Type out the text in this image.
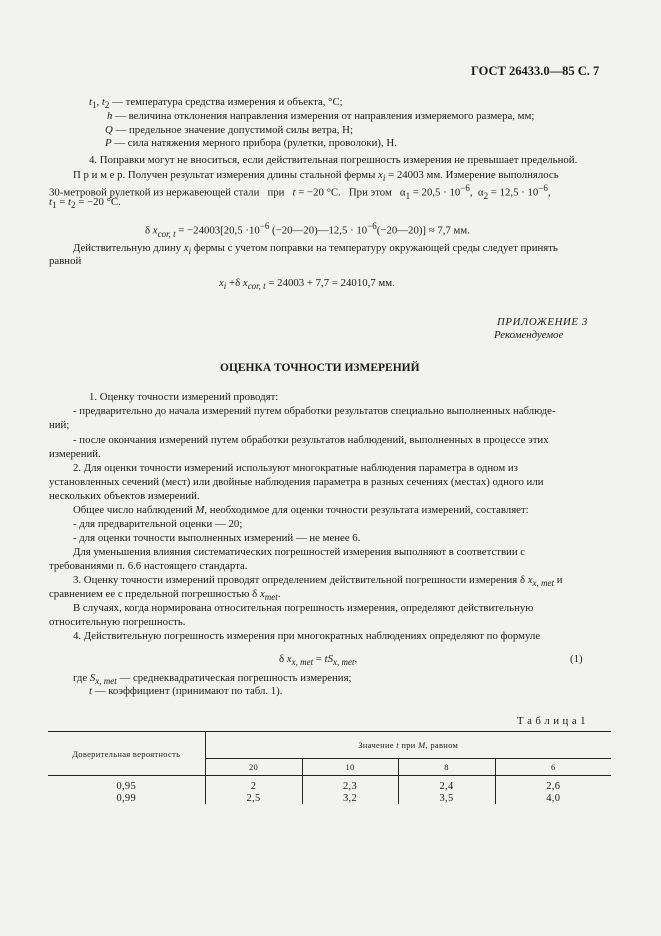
ГОСТ 26433.0—85 С. 7
$t_1$, $t_2$ — температура средства измерения и объекта, °С;
h — величина отклонения направления измерения от направления измеряемого размера, мм;
Q — предельное значение допустимой силы ветра, Н;
P — сила натяжения мерного прибора (рулетки, проволоки), Н.
4. Поправки могут не вноситься, если действительная погрешность измерения не превышает предельной.
П р и м е р. Получен результат измерения длины стальной фермы $x_i = 24003$ мм. Измерение выполнялось
30-метровой рулеткой из нержавеющей стали   при   t = −20 °С.   При этом   $\alpha_1 = 20,5 \cdot 10^{-6}$,  $\alpha_2 = 12,5 \cdot 10^{-6}$,
$t_1 = t_2 = -20$ °С.
δ $x_{cor, t} = -24003[20,5 \cdot 10^{-6}$ (−20—20)—12,5 · $10^{-6}(-20—20)] \approx 7,7$ мм.
Действительную длину $x_i$ фермы с учетом поправки на температуру окружающей среды следует принять
равной
$x_i +\delta$ $x_{cor, t} = 24003 + 7,7 = 24010,7$ мм.
ПРИЛОЖЕНИЕ 3
Рекомендуемое
ОЦЕНКА ТОЧНОСТИ ИЗМЕРЕНИЙ
1. Оценку точности измерений проводят:
- предварительно до начала измерений путем обработки результатов специально выполненных наблюде-
ний;
- после окончания измерений путем обработки результатов наблюдений, выполненных в процессе этих
измерений.
2. Для оценки точности измерений используют многократные наблюдения параметра в одном из
установленных сечений (мест) или двойные наблюдения параметра в разных сечениях (местах) одного или
нескольких объектов измерений.
Общее число наблюдений M, необходимое для оценки точности результата измерений, составляет:
- для предварительной оценки — 20;
- для оценки точности выполненных измерений — не менее 6.
Для уменьшения влияния систематических погрешностей измерения выполняют в соответствии с
требованиями п. 6.6 настоящего стандарта.
3. Оценку точности измерений проводят определением действительной погрешности измерения δ $x_{x, met}$ и
сравнением ее с предельной погрешностью δ $x_{met}$.
В случаях, когда нормирована относительная погрешность измерения, определяют действительную
относительную погрешность.
4. Действительную погрешность измерения при многократных наблюдениях определяют по формуле
δ $x_{x, met} = tS_{x, met}$,	(1)
где $S_{x, met}$ — среднеквадратическая погрешность измерения;
t — коэффициент (принимают по табл. 1).
Т а б л и ц а 1
Доверительная вероятность	Значение t при M, равном			
	20	10	8	6
0,95	2	2,3	2,4	2,6
0,99	2,5	3,2	3,5	4,0
